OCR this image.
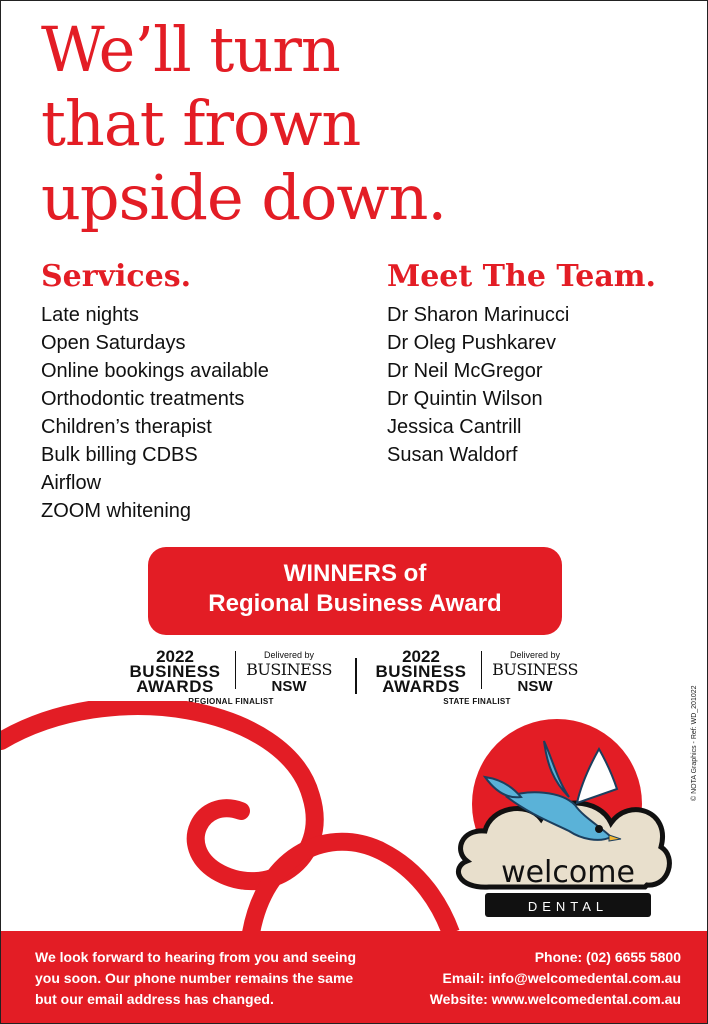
We’ll turn
that frown
upside down.
Services.
Late nights
Open Saturdays
Online bookings available
Orthodontic treatments
Children’s therapist
Bulk billing CDBS
Airflow
ZOOM whitening
Meet The Team.
Dr Sharon Marinucci
Dr Oleg Pushkarev
Dr Neil McGregor
Dr Quintin Wilson
Jessica Cantrill
Susan Waldorf
WINNERS of
Regional Business Award
2022
BUSINESS
AWARDS
Delivered by
BUSINESS
NSW
REGIONAL FINALIST
2022
BUSINESS
AWARDS
Delivered by
BUSINESS
NSW
STATE FINALIST
welcome
DENTAL
© NOTA Graphics - Ref: WD_201022
We look forward to hearing from you and seeing you soon. Our phone number remains the same but our email address has changed.
Phone: (02) 6655 5800
Email: info@welcomedental.com.au
Website: www.welcomedental.com.au
